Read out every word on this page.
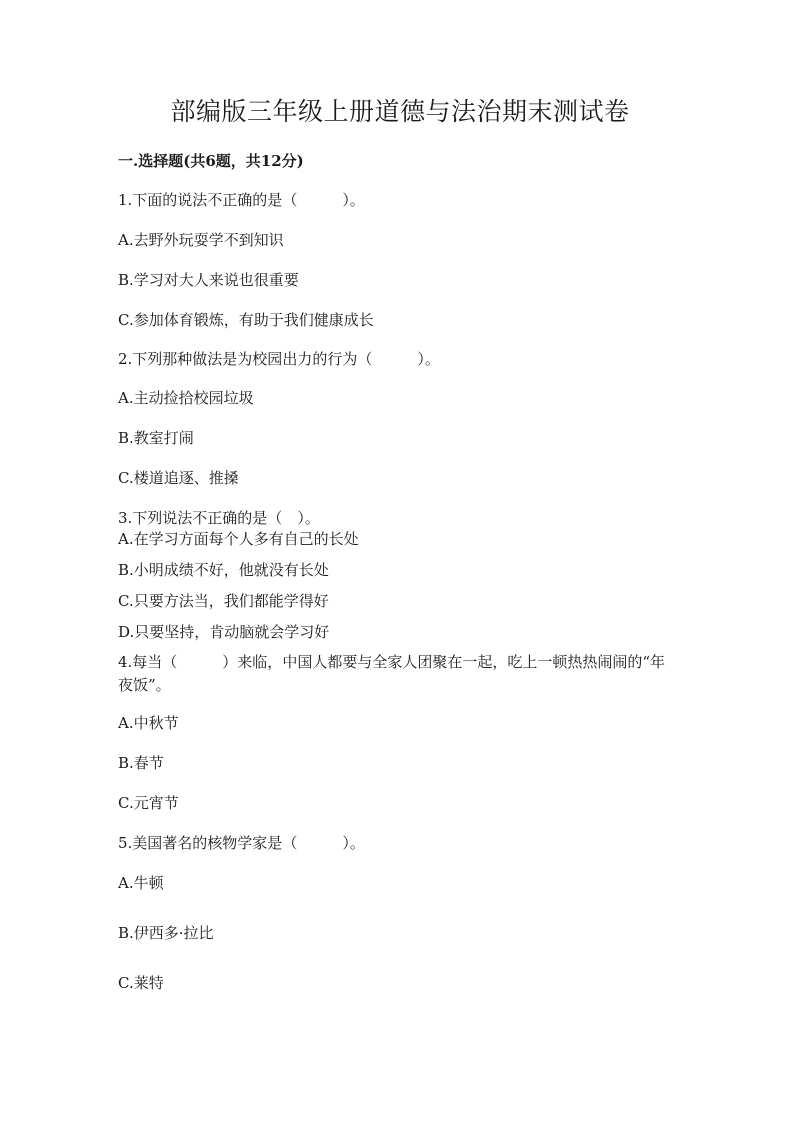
部编版三年级上册道德与法治期末测试卷

一.选择题(共6题，共12分)

1.下面的说法不正确的是（　　　）。

A.去野外玩耍学不到知识

B.学习对大人来说也很重要

C.参加体育锻炼，有助于我们健康成长

2.下列那种做法是为校园出力的行为（　　　）。

A.主动捡拾校园垃圾

B.教室打闹

C.楼道追逐、推搡

3.下列说法不正确的是（　）。

A.在学习方面每个人多有自己的长处

B.小明成绩不好，他就没有长处

C.只要方法当，我们都能学得好

D.只要坚持，肯动脑就会学习好

4.每当（　　　）来临，中国人都要与全家人团聚在一起，吃上一顿热热闹闹的“年夜饭”。

A.中秋节

B.春节

C.元宵节

5.美国著名的核物学家是（　　　）。

A.牛顿

B.伊西多·拉比

C.莱特
